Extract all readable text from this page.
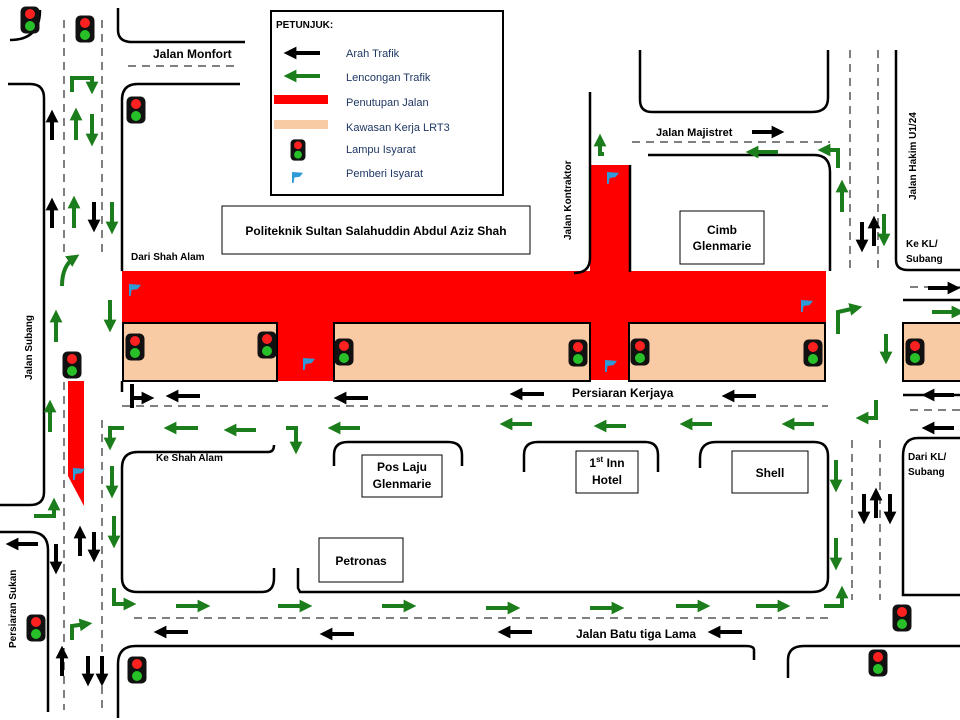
Politeknik Sultan Salahuddin Abdul Aziz Shah	Cimb
Glenmarie
Pos Laju
Glenmarie
1st Inn
Hotel	Shell
Petronas
Jalan Monfort
Jalan Majistret	Jalan Hakim U1/24
Jalan Kontraktor
Jalan Subang
Persiaran Kerjaya
Persiaran Sukan	Jalan Batu tiga Lama
Dari Shah Alam
Ke Shah Alam
Ke KL/
Subang
Dari KL/
Subang
PETUNJUK:
Arah Trafik
Lencongan Trafik
Penutupan Jalan
Kawasan Kerja LRT3
Lampu Isyarat
Pemberi Isyarat
